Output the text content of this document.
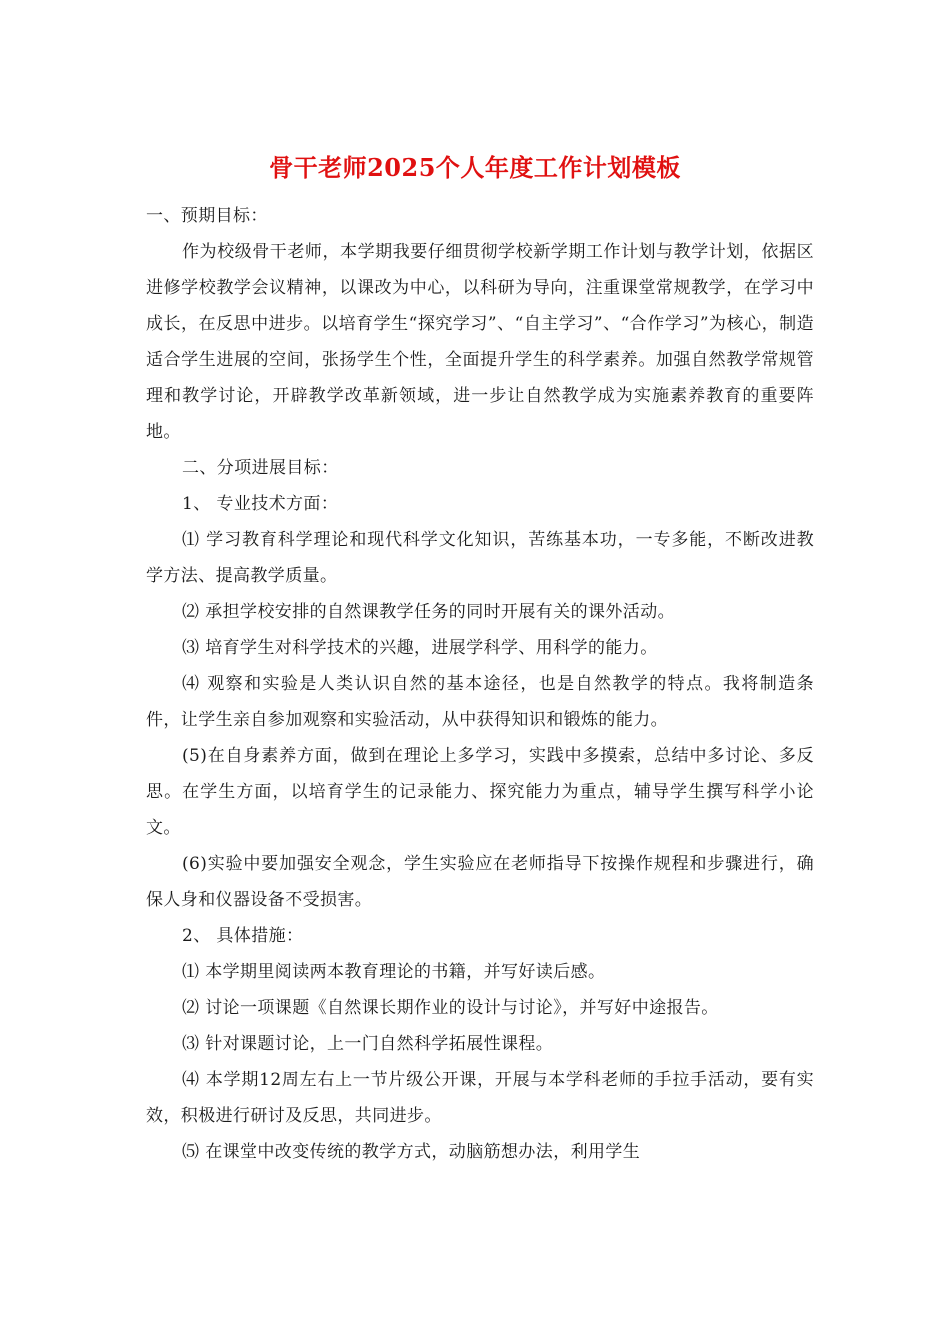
骨干老师2025个人年度工作计划模板

一、预期目标：

作为校级骨干老师，本学期我要仔细贯彻学校新学期工作计划与教学计划，依据区进修学校教学会议精神，以课改为中心，以科研为导向，注重课堂常规教学，在学习中成长，在反思中进步。以培育学生“探究学习”、“自主学习”、“合作学习”为核心，制造适合学生进展的空间，张扬学生个性，全面提升学生的科学素养。加强自然教学常规管理和教学讨论，开辟教学改革新领域，进一步让自然教学成为实施素养教育的重要阵地。

二、分项进展目标：

1、 专业技术方面：

⑴ 学习教育科学理论和现代科学文化知识，苦练基本功，一专多能，不断改进教学方法、提高教学质量。

⑵ 承担学校安排的自然课教学任务的同时开展有关的课外活动。

⑶ 培育学生对科学技术的兴趣，进展学科学、用科学的能力。

⑷ 观察和实验是人类认识自然的基本途径，也是自然教学的特点。我将制造条件，让学生亲自参加观察和实验活动，从中获得知识和锻炼的能力。

(5)在自身素养方面，做到在理论上多学习，实践中多摸索，总结中多讨论、多反思。在学生方面，以培育学生的记录能力、探究能力为重点，辅导学生撰写科学小论文。

(6)实验中要加强安全观念，学生实验应在老师指导下按操作规程和步骤进行，确保人身和仪器设备不受损害。

2、 具体措施：

⑴ 本学期里阅读两本教育理论的书籍，并写好读后感。

⑵ 讨论一项课题《自然课长期作业的设计与讨论》，并写好中途报告。

⑶ 针对课题讨论，上一门自然科学拓展性课程。

⑷ 本学期12周左右上一节片级公开课，开展与本学科老师的手拉手活动，要有实效，积极进行研讨及反思，共同进步。

⑸ 在课堂中改变传统的教学方式，动脑筋想办法，利用学生
